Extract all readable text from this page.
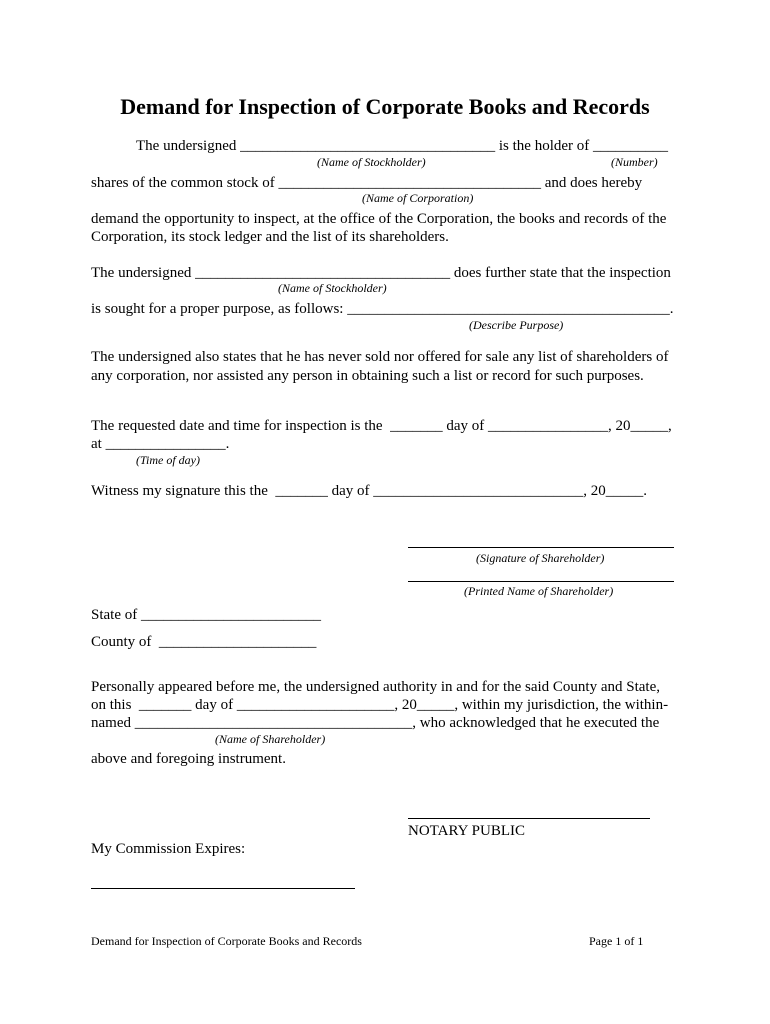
Demand for Inspection of Corporate Books and Records
The undersigned __________________________________ is the holder of __________
(Name of Stockholder)	(Number)
shares of the common stock of ___________________________________ and does hereby
(Name of Corporation)
demand the opportunity to inspect, at the office of the Corporation, the books and records of the
Corporation, its stock ledger and the list of its shareholders.
The undersigned __________________________________ does further state that the inspection
(Name of Stockholder)
is sought for a proper purpose, as follows: ___________________________________________.
(Describe Purpose)
The undersigned also states that he has never sold nor offered for sale any list of shareholders of
any corporation, nor assisted any person in obtaining such a list or record for such purposes.
The requested date and time for inspection is the  _______ day of ________________, 20_____,
at ________________.
(Time of day)
Witness my signature this the  _______ day of ____________________________, 20_____.
(Signature of Shareholder)
(Printed Name of Shareholder)
State of ________________________
County of  _____________________
Personally appeared before me, the undersigned authority in and for the said County and State,
on this  _______ day of _____________________, 20_____, within my jurisdiction, the within-
named _____________________________________, who acknowledged that he executed the
(Name of Shareholder)
above and foregoing instrument.
NOTARY PUBLIC
My Commission Expires:
Demand for Inspection of Corporate Books and Records	Page 1 of 1
